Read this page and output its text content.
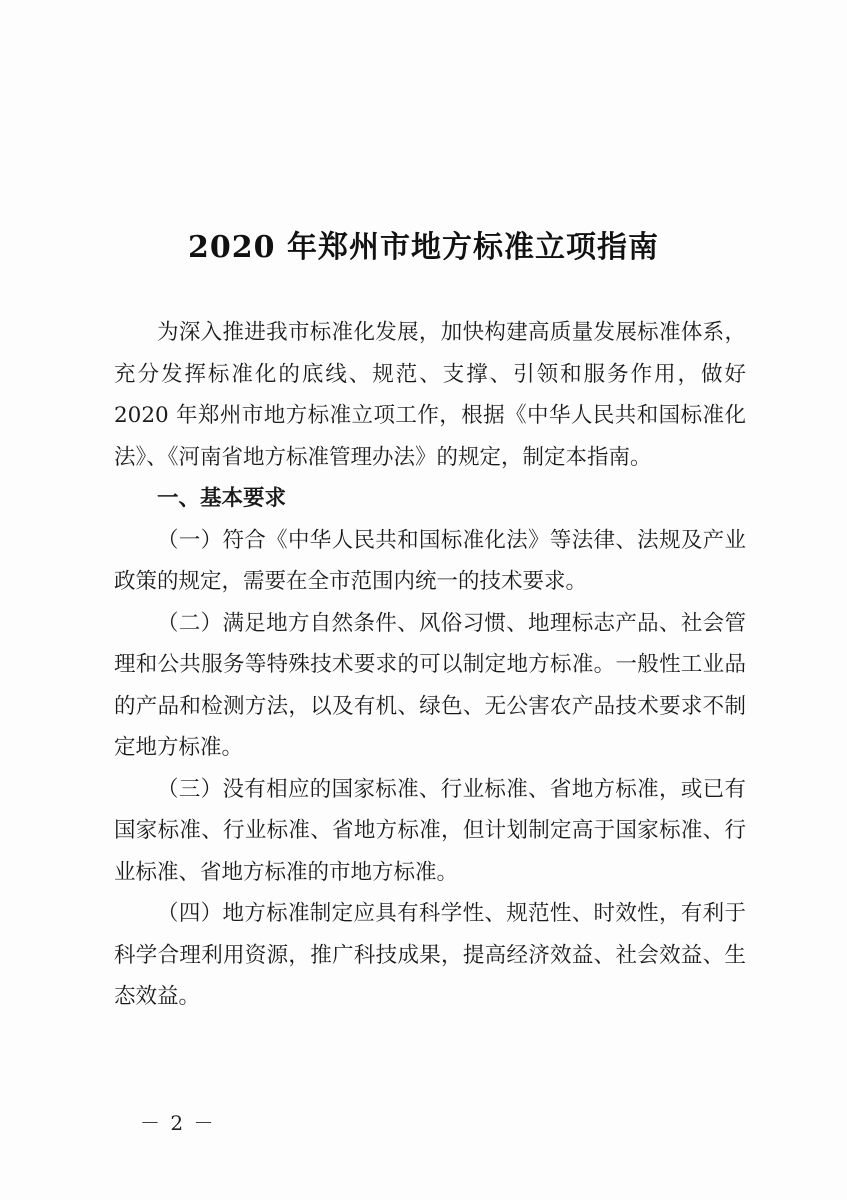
2020 年郑州市地方标准立项指南

为深入推进我市标准化发展，加快构建高质量发展标准体系，充分发挥标准化的底线、规范、支撑、引领和服务作用，做好 2020 年郑州市地方标准立项工作，根据《中华人民共和国标准化法》、《河南省地方标准管理办法》的规定，制定本指南。

一、基本要求

（一）符合《中华人民共和国标准化法》等法律、法规及产业政策的规定，需要在全市范围内统一的技术要求。

（二）满足地方自然条件、风俗习惯、地理标志产品、社会管理和公共服务等特殊技术要求的可以制定地方标准。一般性工业品的产品和检测方法，以及有机、绿色、无公害农产品技术要求不制定地方标准。

（三）没有相应的国家标准、行业标准、省地方标准，或已有国家标准、行业标准、省地方标准，但计划制定高于国家标准、行业标准、省地方标准的市地方标准。

（四）地方标准制定应具有科学性、规范性、时效性，有利于科学合理利用资源，推广科技成果，提高经济效益、社会效益、生态效益。

－ 2 －
